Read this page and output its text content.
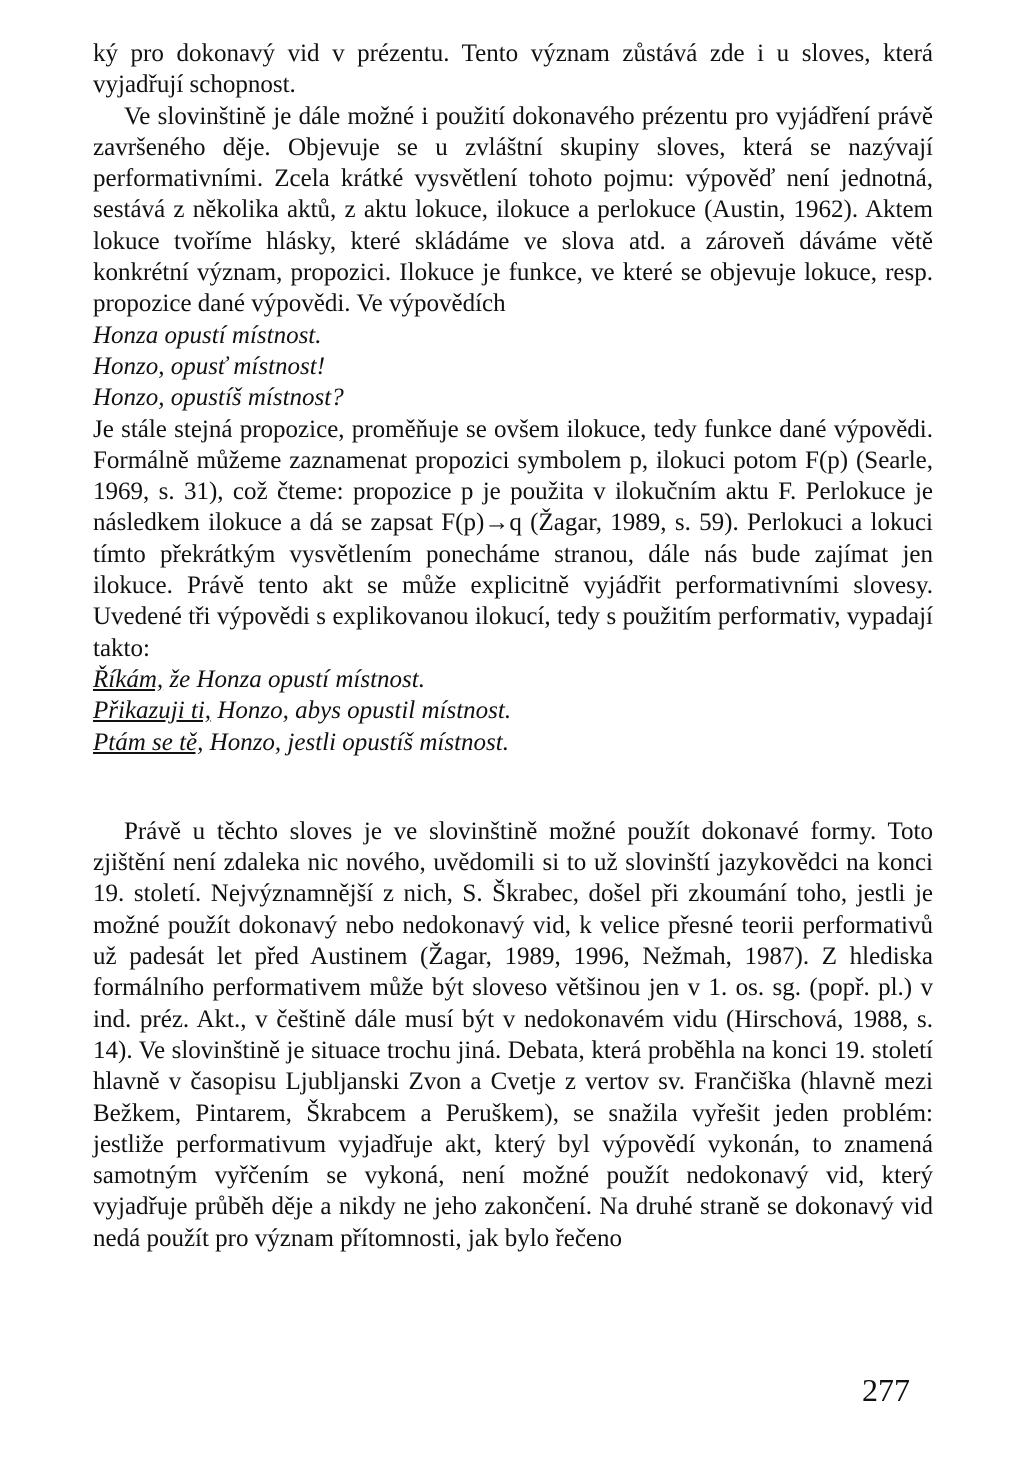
ký pro dokonavý vid v prézentu. Tento význam zůstává zde i u sloves, která vyjadřují schopnost.

Ve slovinštině je dále možné i použití dokonavého prézentu pro vyjádření právě završeného děje. Objevuje se u zvláštní skupiny sloves, která se nazývají performativními. Zcela krátké vysvětlení tohoto pojmu: výpověď není jednotná, sestává z několika aktů, z aktu lokuce, ilokuce a perlokuce (Austin, 1962). Aktem lokuce tvoříme hlásky, které skládáme ve slova atd. a zároveň dáváme větě konkrétní význam, propozici. Ilokuce je funkce, ve které se objevuje lokuce, resp. propozice dané výpovědi. Ve výpovědích

Honza opustí místnost.

Honzo, opusť místnost!

Honzo, opustíš místnost?

Je stále stejná propozice, proměňuje se ovšem ilokuce, tedy funkce dané výpovědi. Formálně můžeme zaznamenat propozici symbolem p, ilokuci potom F(p) (Searle, 1969, s. 31), což čteme: propozice p je použita v ilokučním aktu F. Perlokuce je následkem ilokuce a dá se zapsat F(p)→q (Žagar, 1989, s. 59). Perlokuci a lokuci tímto překrátkým vysvětlením ponecháme stranou, dále nás bude zajímat jen ilokuce. Právě tento akt se může explicitně vyjádřit performativními slovesy. Uvedené tři výpovědi s explikovanou ilokucí, tedy s použitím performativ, vypadají takto:

Říkám, že Honza opustí místnost.

Přikazuji ti, Honzo, abys opustil místnost.

Ptám se tě, Honzo, jestli opustíš místnost.

Právě u těchto sloves je ve slovinštině možné použít dokonavé formy. Toto zjištění není zdaleka nic nového, uvědomili si to už slovinští jazykovědci na konci 19. století. Nejvýznamnější z nich, S. Škrabec, došel při zkoumání toho, jestli je možné použít dokonavý nebo nedokonavý vid, k velice přesné teorii performativů už padesát let před Austinem (Žagar, 1989, 1996, Nežmah, 1987). Z hlediska formálního performativem může být sloveso většinou jen v 1. os. sg. (popř. pl.) v ind. préz. Akt., v češtině dále musí být v nedokonavém vidu (Hirschová, 1988, s. 14). Ve slovinštině je situace trochu jiná. Debata, která proběhla na konci 19. století hlavně v časopisu Ljubljanski Zvon a Cvetje z vertov sv. Frančiška (hlavně mezi Bežkem, Pintarem, Škrabcem a Peruškem), se snažila vyřešit jeden problém: jestliže performativum vyjadřuje akt, který byl výpovědí vykonán, to znamená samotným vyřčením se vykoná, není možné použít nedokonavý vid, který vyjadřuje průběh děje a nikdy ne jeho zakončení. Na druhé straně se dokonavý vid nedá použít pro význam přítomnosti, jak bylo řečeno

277
